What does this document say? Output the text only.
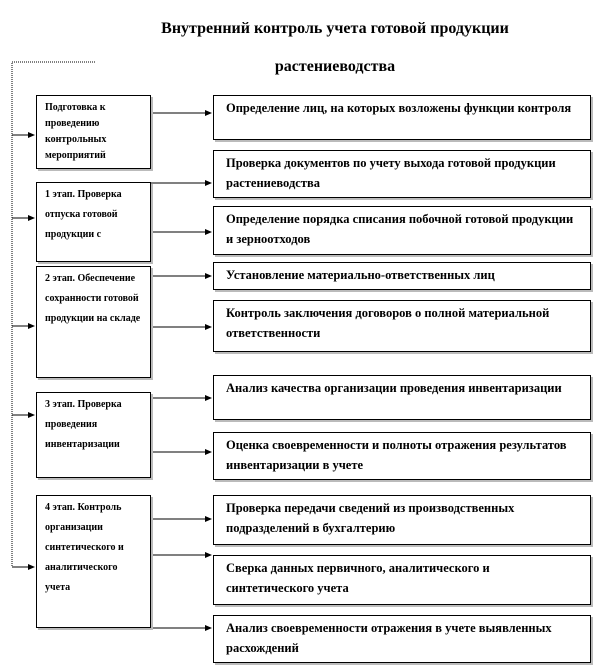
Внутренний контроль учета готовой продукции
растениеводства
Подготовка к проведению контрольных мероприятий
1 этап. Проверка отпуска готовой продукции с
2 этап. Обеспечение сохранности готовой продукции на складе
3 этап. Проверка проведения инвентаризации
4 этап. Контроль организации синтетического и аналитического учета
Определение лиц, на которых возложены функции контроля
Проверка документов по учету выхода готовой продукции растениеводства
Определение порядка списания побочной готовой продукции и зерноотходов
Установление материально-ответственных лиц
Контроль заключения договоров о полной материальной ответственности
Анализ качества организации проведения инвентаризации
Оценка своевременности и полноты отражения результатов инвентаризации в учете
Проверка передачи сведений из производственных подразделений в бухгалтерию
Сверка данных первичного, аналитического и синтетического учета
Анализ своевременности отражения в учете выявленных расхождений
